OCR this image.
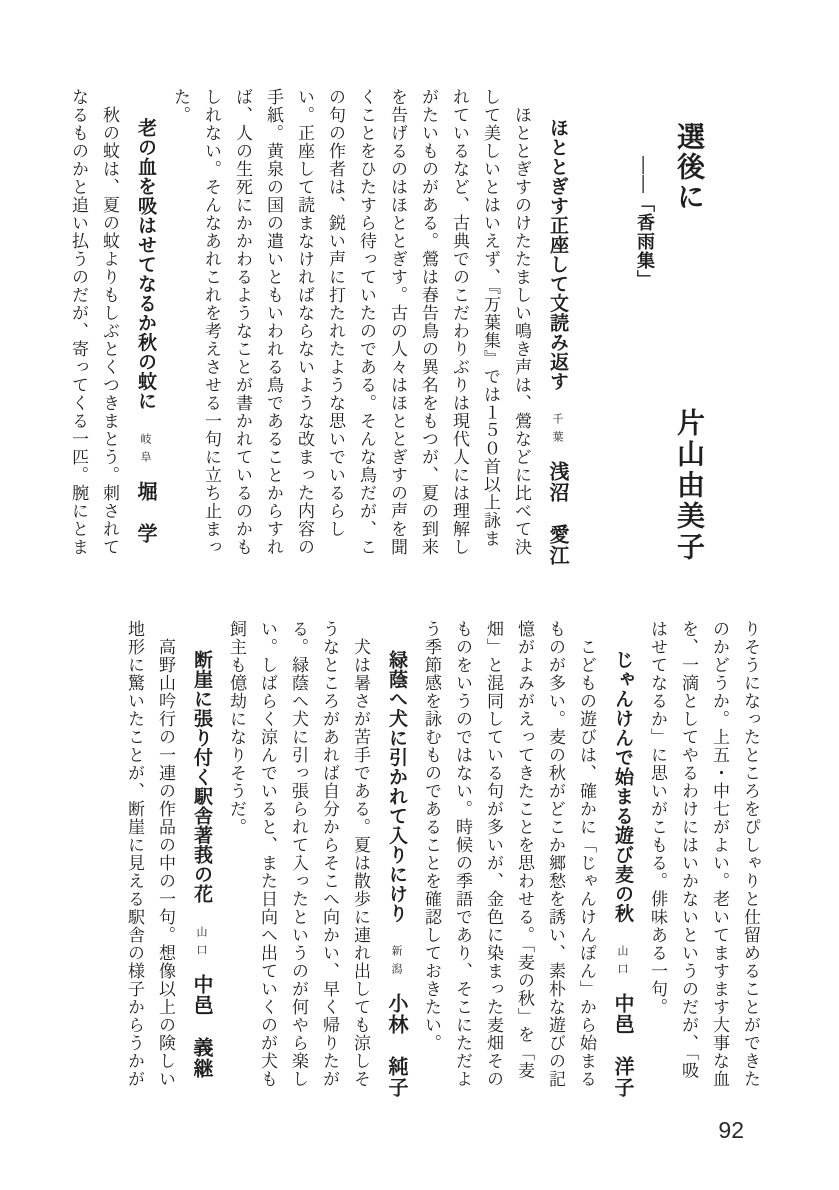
選後に
――「香雨集」
片山由美子
ほととぎす正座して文読み返す千葉浅沼　愛江

ほととぎすのけたたましい鳴き声は、鶯などに比べて決して美しいとはいえず、『万葉集』では１５０首以上詠まれているなど、古典でのこだわりぶりは現代人には理解しがたいものがある。鶯は春告鳥の異名をもつが、夏の到来を告げるのはほととぎす。古の人々はほととぎすの声を聞くことをひたすら待っていたのである。そんな鳥だが、この句の作者は、鋭い声に打たれたような思いでいるらしい。正座して読まなければならないような改まった内容の手紙。黄泉の国の遣いともいわれる鳥であることからすれば、人の生死にかかわるようなことが書かれているのかもしれない。そんなあれこれを考えさせる一句に立ち止まった。

老の血を吸はせてなるか秋の蚊に岐阜堀　学

秋の蚊は、夏の蚊よりもしぶとくつきまとう。刺されてなるものかと追い払うのだが、寄ってくる一匹。腕にとま

りそうになったところをぴしゃりと仕留めることができたのかどうか。上五・中七がよい。老いてますます大事な血を、一滴としてやるわけにはいかないというのだが、「吸はせてなるか」に思いがこもる。俳味ある一句。

じゃんけんで始まる遊び麦の秋山口中邑　洋子

こどもの遊びは、確かに「じゃんけんぽん」から始まるものが多い。麦の秋がどこか郷愁を誘い、素朴な遊びの記憶がよみがえってきたことを思わせる。「麦の秋」を「麦畑」と混同している句が多いが、金色に染まった麦畑そのものをいうのではない。時候の季語であり、そこにただよう季節感を詠むものであることを確認しておきたい。

緑蔭へ犬に引かれて入りにけり新潟小林　純子

犬は暑さが苦手である。夏は散歩に連れ出しても涼しそうなところがあれば自分からそこへ向かい、早く帰りたがる。緑蔭へ犬に引っ張られて入ったというのが何やら楽しい。しばらく涼んでいると、また日向へ出ていくのが犬も飼主も億劫になりそうだ。

断崖に張り付く駅舎著莪の花山口中邑　義継

高野山吟行の一連の作品の中の一句。想像以上の険しい地形に驚いたことが、断崖に見える駅舎の様子からうかが

92
